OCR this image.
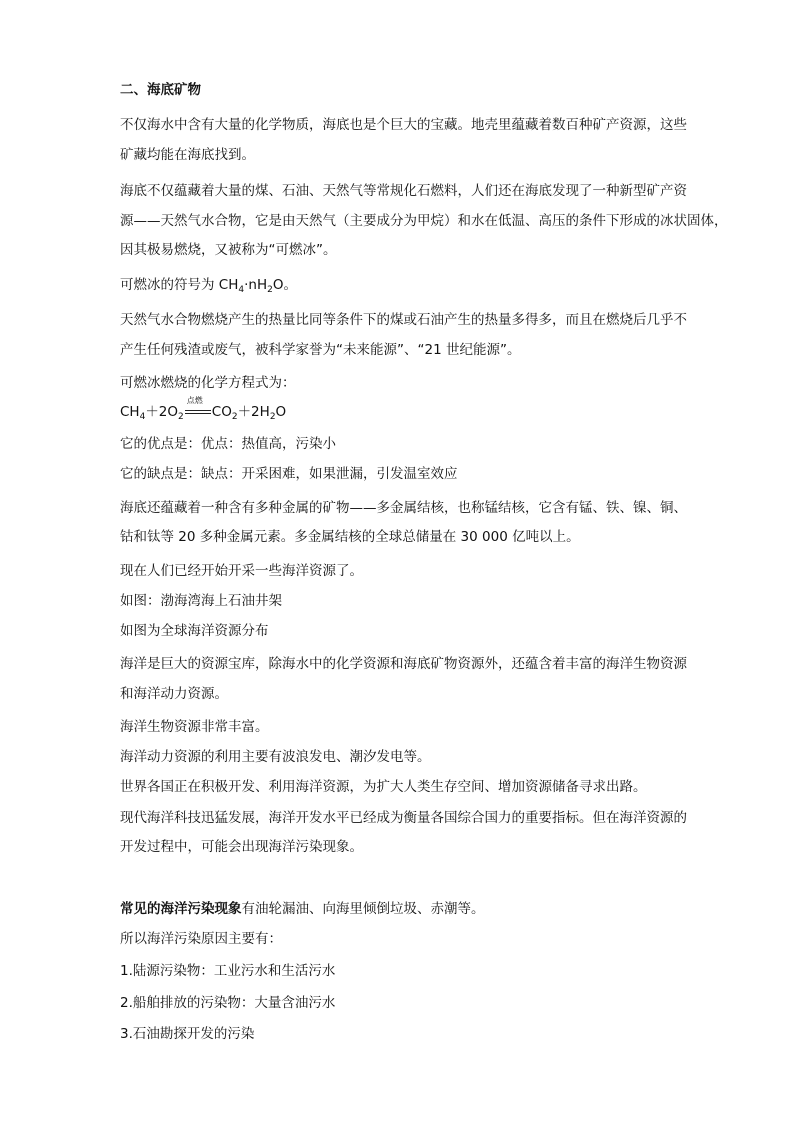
二、海底矿物
不仅海水中含有大量的化学物质，海底也是个巨大的宝藏。地壳里蕴藏着数百种矿产资源，这些
矿藏均能在海底找到。
海底不仅蕴藏着大量的煤、石油、天然气等常规化石燃料，人们还在海底发现了一种新型矿产资
源——天然气水合物，它是由天然气（主要成分为甲烷）和水在低温、高压的条件下形成的冰状固体，
因其极易燃烧，又被称为“可燃冰”。
可燃冰的符号为 $CH_4\cdot nH_2O$。
天然气水合物燃烧产生的热量比同等条件下的煤或石油产生的热量多得多，而且在燃烧后几乎不
产生任何残渣或废气，被科学家誉为“未来能源”、“21 世纪能源”。
可燃冰燃烧的化学方程式为：
$CH_4+2O_2$
点燃
$CO_2+2H_2O$
它的优点是：优点：热值高，污染小
它的缺点是：缺点：开采困难，如果泄漏，引发温室效应
海底还蕴藏着一种含有多种金属的矿物——多金属结核，也称锰结核，它含有锰、铁、镍、铜、
钴和钛等 20 多种金属元素。多金属结核的全球总储量在 30 000 亿吨以上。
现在人们已经开始开采一些海洋资源了。
如图：渤海湾海上石油井架
如图为全球海洋资源分布
海洋是巨大的资源宝库，除海水中的化学资源和海底矿物资源外，还蕴含着丰富的海洋生物资源
和海洋动力资源。
海洋生物资源非常丰富。
海洋动力资源的利用主要有波浪发电、潮汐发电等。
世界各国正在积极开发、利用海洋资源，为扩大人类生存空间、增加资源储备寻求出路。
现代海洋科技迅猛发展，海洋开发水平已经成为衡量各国综合国力的重要指标。但在海洋资源的
开发过程中，可能会出现海洋污染现象。
常见的海洋污染现象有油轮漏油、向海里倾倒垃圾、赤潮等。
所以海洋污染原因主要有：
1.陆源污染物：工业污水和生活污水
2.船舶排放的污染物：大量含油污水
3.石油勘探开发的污染
